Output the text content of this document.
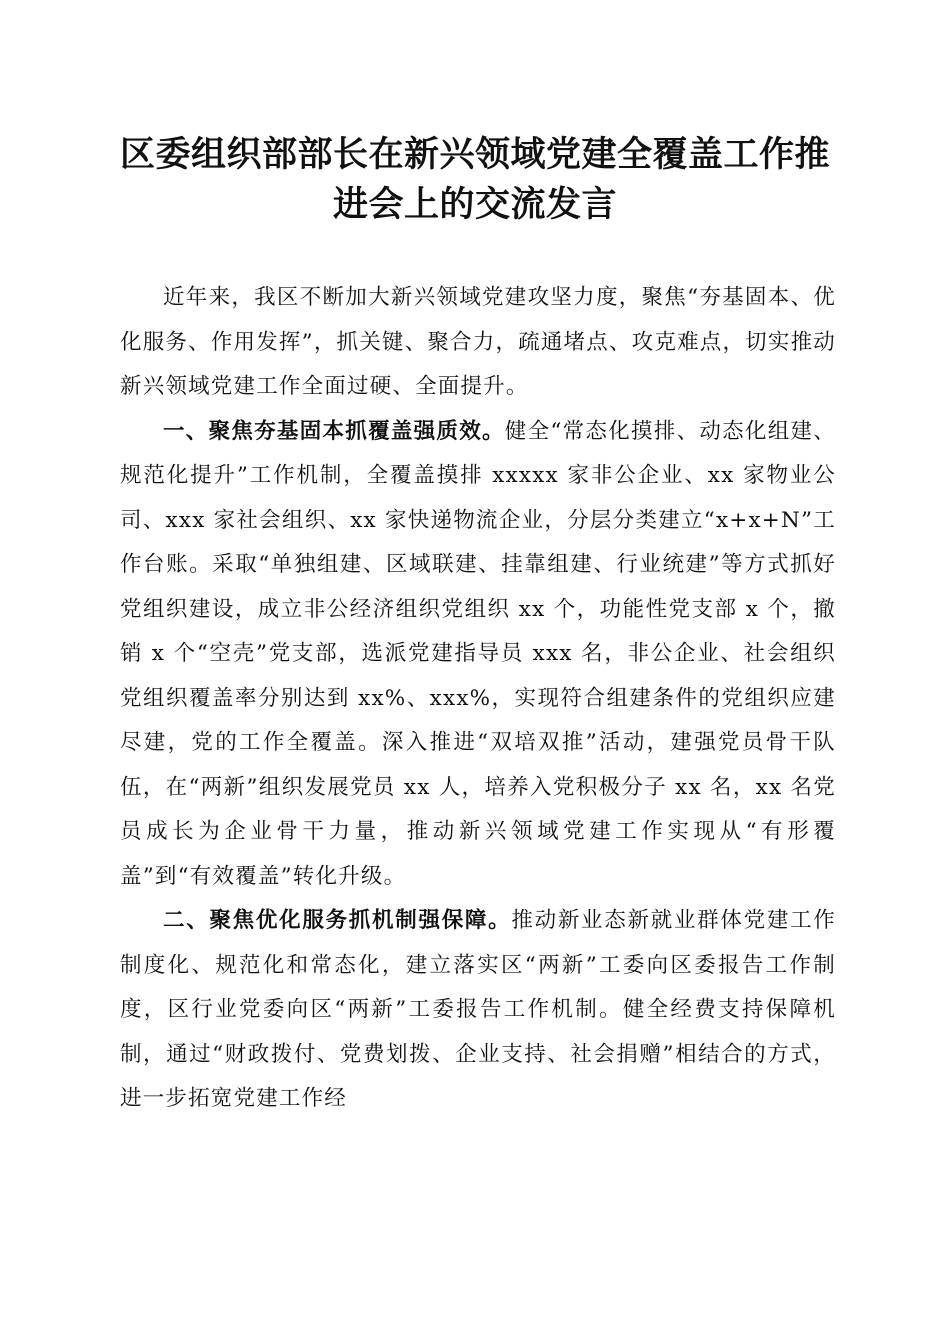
区委组织部部长在新兴领域党建全覆盖工作推
进会上的交流发言

近年来，我区不断加大新兴领域党建攻坚力度，聚焦“夯基固本、优化服务、作用发挥”，抓关键、聚合力，疏通堵点、攻克难点，切实推动新兴领域党建工作全面过硬、全面提升。

一、聚焦夯基固本抓覆盖强质效。健全“常态化摸排、动态化组建、规范化提升”工作机制，全覆盖摸排 xxxxx 家非公企业、xx 家物业公司、xxx 家社会组织、xx 家快递物流企业，分层分类建立“x+x+N”工作台账。采取“单独组建、区域联建、挂靠组建、行业统建”等方式抓好党组织建设，成立非公经济组织党组织 xx 个，功能性党支部 x 个，撤销 x 个“空壳”党支部，选派党建指导员 xxx 名，非公企业、社会组织党组织覆盖率分别达到 xx%、xxx%，实现符合组建条件的党组织应建尽建，党的工作全覆盖。深入推进“双培双推”活动，建强党员骨干队伍，在“两新”组织发展党员 xx 人，培养入党积极分子 xx 名，xx 名党员成长为企业骨干力量，推动新兴领域党建工作实现从“有形覆盖”到“有效覆盖”转化升级。

二、聚焦优化服务抓机制强保障。推动新业态新就业群体党建工作制度化、规范化和常态化，建立落实区“两新”工委向区委报告工作制度，区行业党委向区“两新”工委报告工作机制。健全经费支持保障机制，通过“财政拨付、党费划拨、企业支持、社会捐赠”相结合的方式，进一步拓宽党建工作经
